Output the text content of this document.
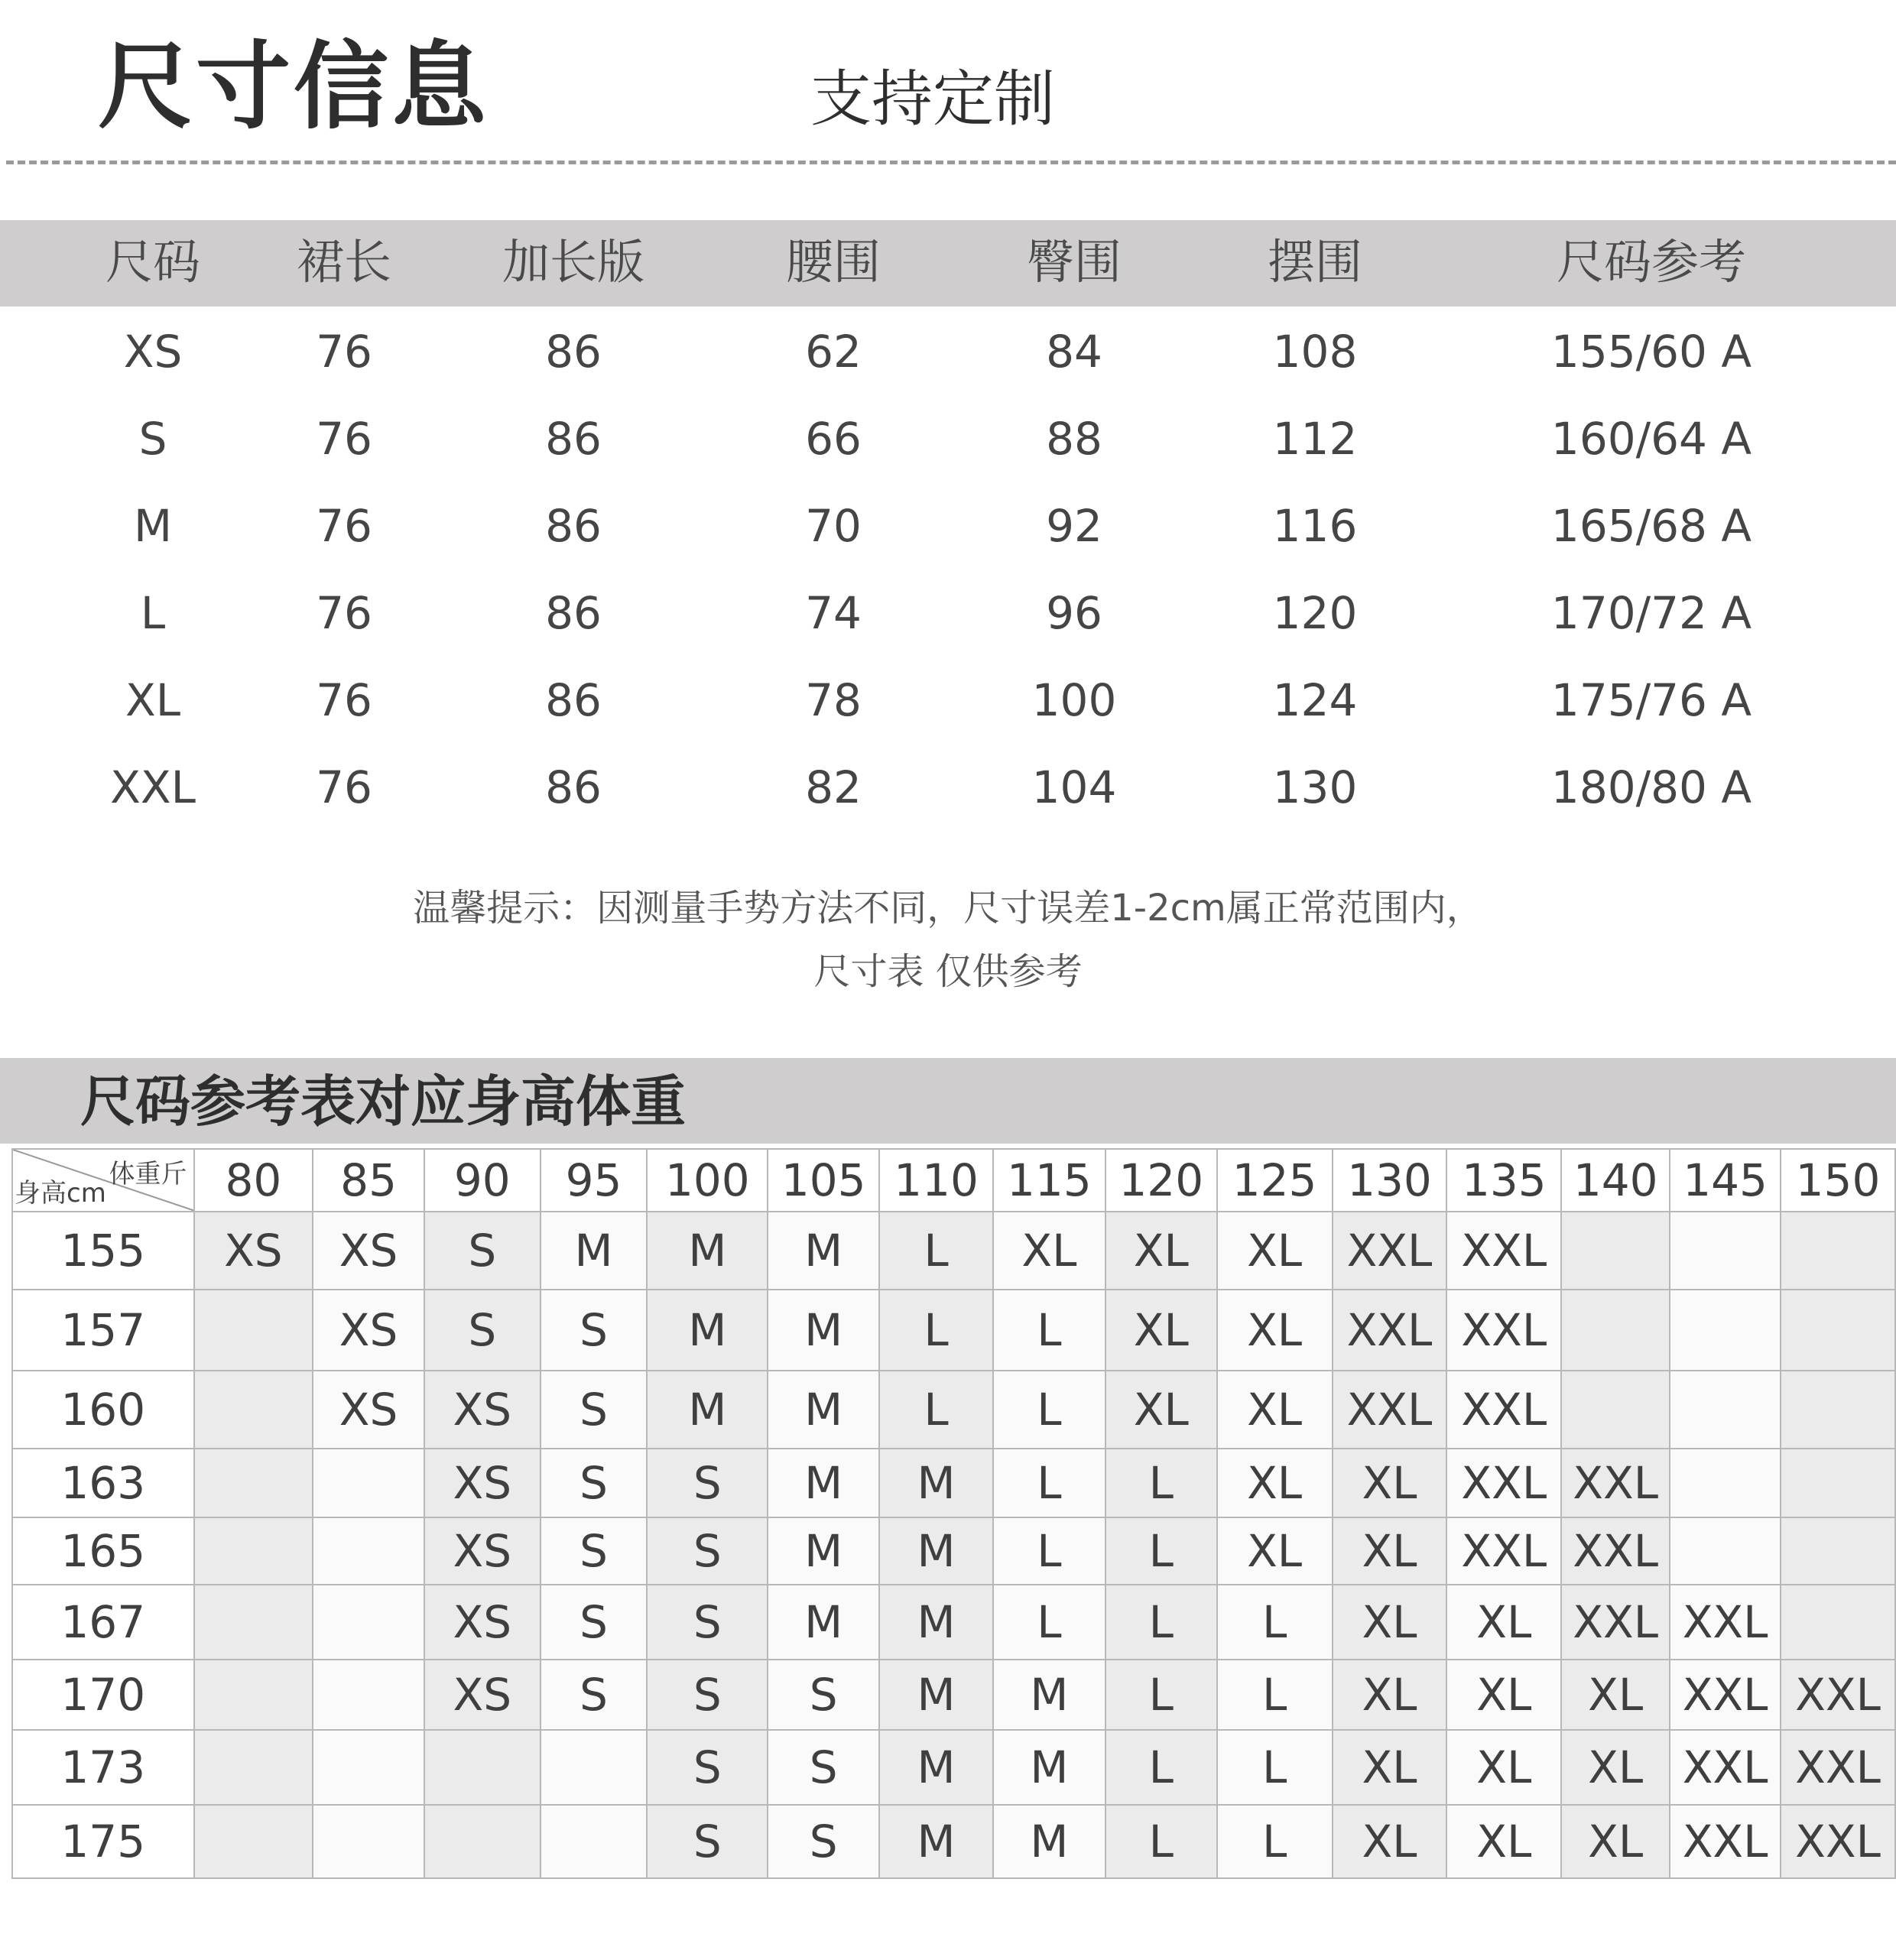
尺寸信息	支持定制
尺码 裙长 加长版	腰围	臀围	摆围	尺码参考
XS	76	86	62	84	108	155/60 A
S	76	86	66	88	112	160/64 A
M	76	86	70	92	116	165/68 A
L	76	86	74	96	120	170/72 A
XL	76	86	78	100	124	175/76 A
XXL	76	86	82	104	130	180/80 A
温馨提示：因测量手势方法不同，尺寸误差1-2cm属正常范围内，
尺寸表 仅供参考
尺码参考表对应身高体重
体重斤
身高cm	80	85	90	95	100	105	110	115	120	125	130	135	140	145	150
155	XS	XS	S	M	M	M	L	XL	XL	XL	XXL	XXL			
157		XS	S	S	M	M	L	L	XL	XL	XXL	XXL			
160		XS	XS	S	M	M	L	L	XL	XL	XXL	XXL			
163			XS	S	S	M	M	L	L	XL	XL	XXL	XXL		
165			XS	S	S	M	M	L	L	XL	XL	XXL	XXL		
167			XS	S	S	M	M	L	L	L	XL	XL	XXL	XXL	
170			XS	S	S	S	M	M	L	L	XL	XL	XL	XXL	XXL
173					S	S	M	M	L	L	XL	XL	XL	XXL	XXL
175					S	S	M	M	L	L	XL	XL	XL	XXL	XXL
